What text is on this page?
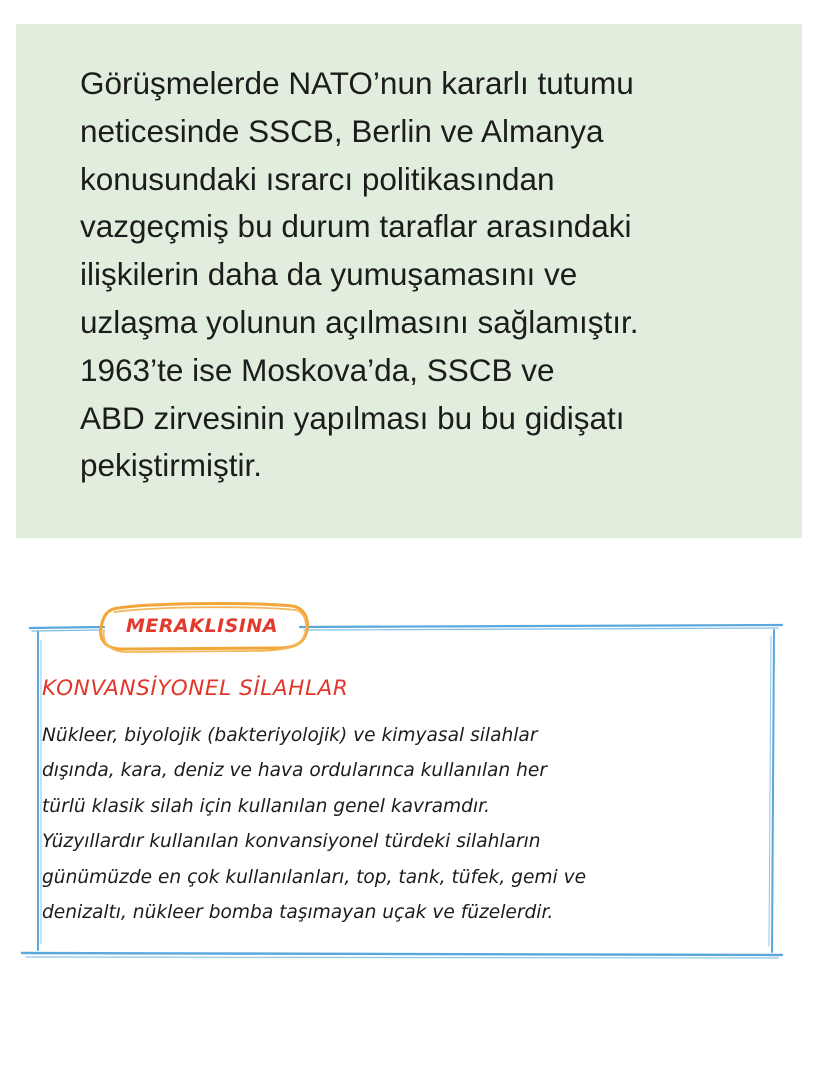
Görüşmelerde NATO’nun kararlı tutumu
neticesinde SSCB, Berlin ve Almanya
konusundaki ısrarcı politikasından
vazgeçmiş bu durum taraflar arasındaki
ilişkilerin daha da yumuşamasını ve
uzlaşma yolunun açılmasını sağlamıştır.
1963’te ise Moskova’da, SSCB ve
ABD zirvesinin yapılması bu bu gidişatı
pekiştirmiştir.
MERAKLISINA
KONVANSİYONEL SİLAHLAR
Nükleer, biyolojik (bakteriyolojik) ve kimyasal silahlar
dışında, kara, deniz ve hava ordularınca kullanılan her
türlü klasik silah için kullanılan genel kavramdır.
Yüzyıllardır kullanılan konvansiyonel türdeki silahların
günümüzde en çok kullanılanları, top, tank, tüfek, gemi ve
denizaltı, nükleer bomba taşımayan uçak ve füzelerdir.
